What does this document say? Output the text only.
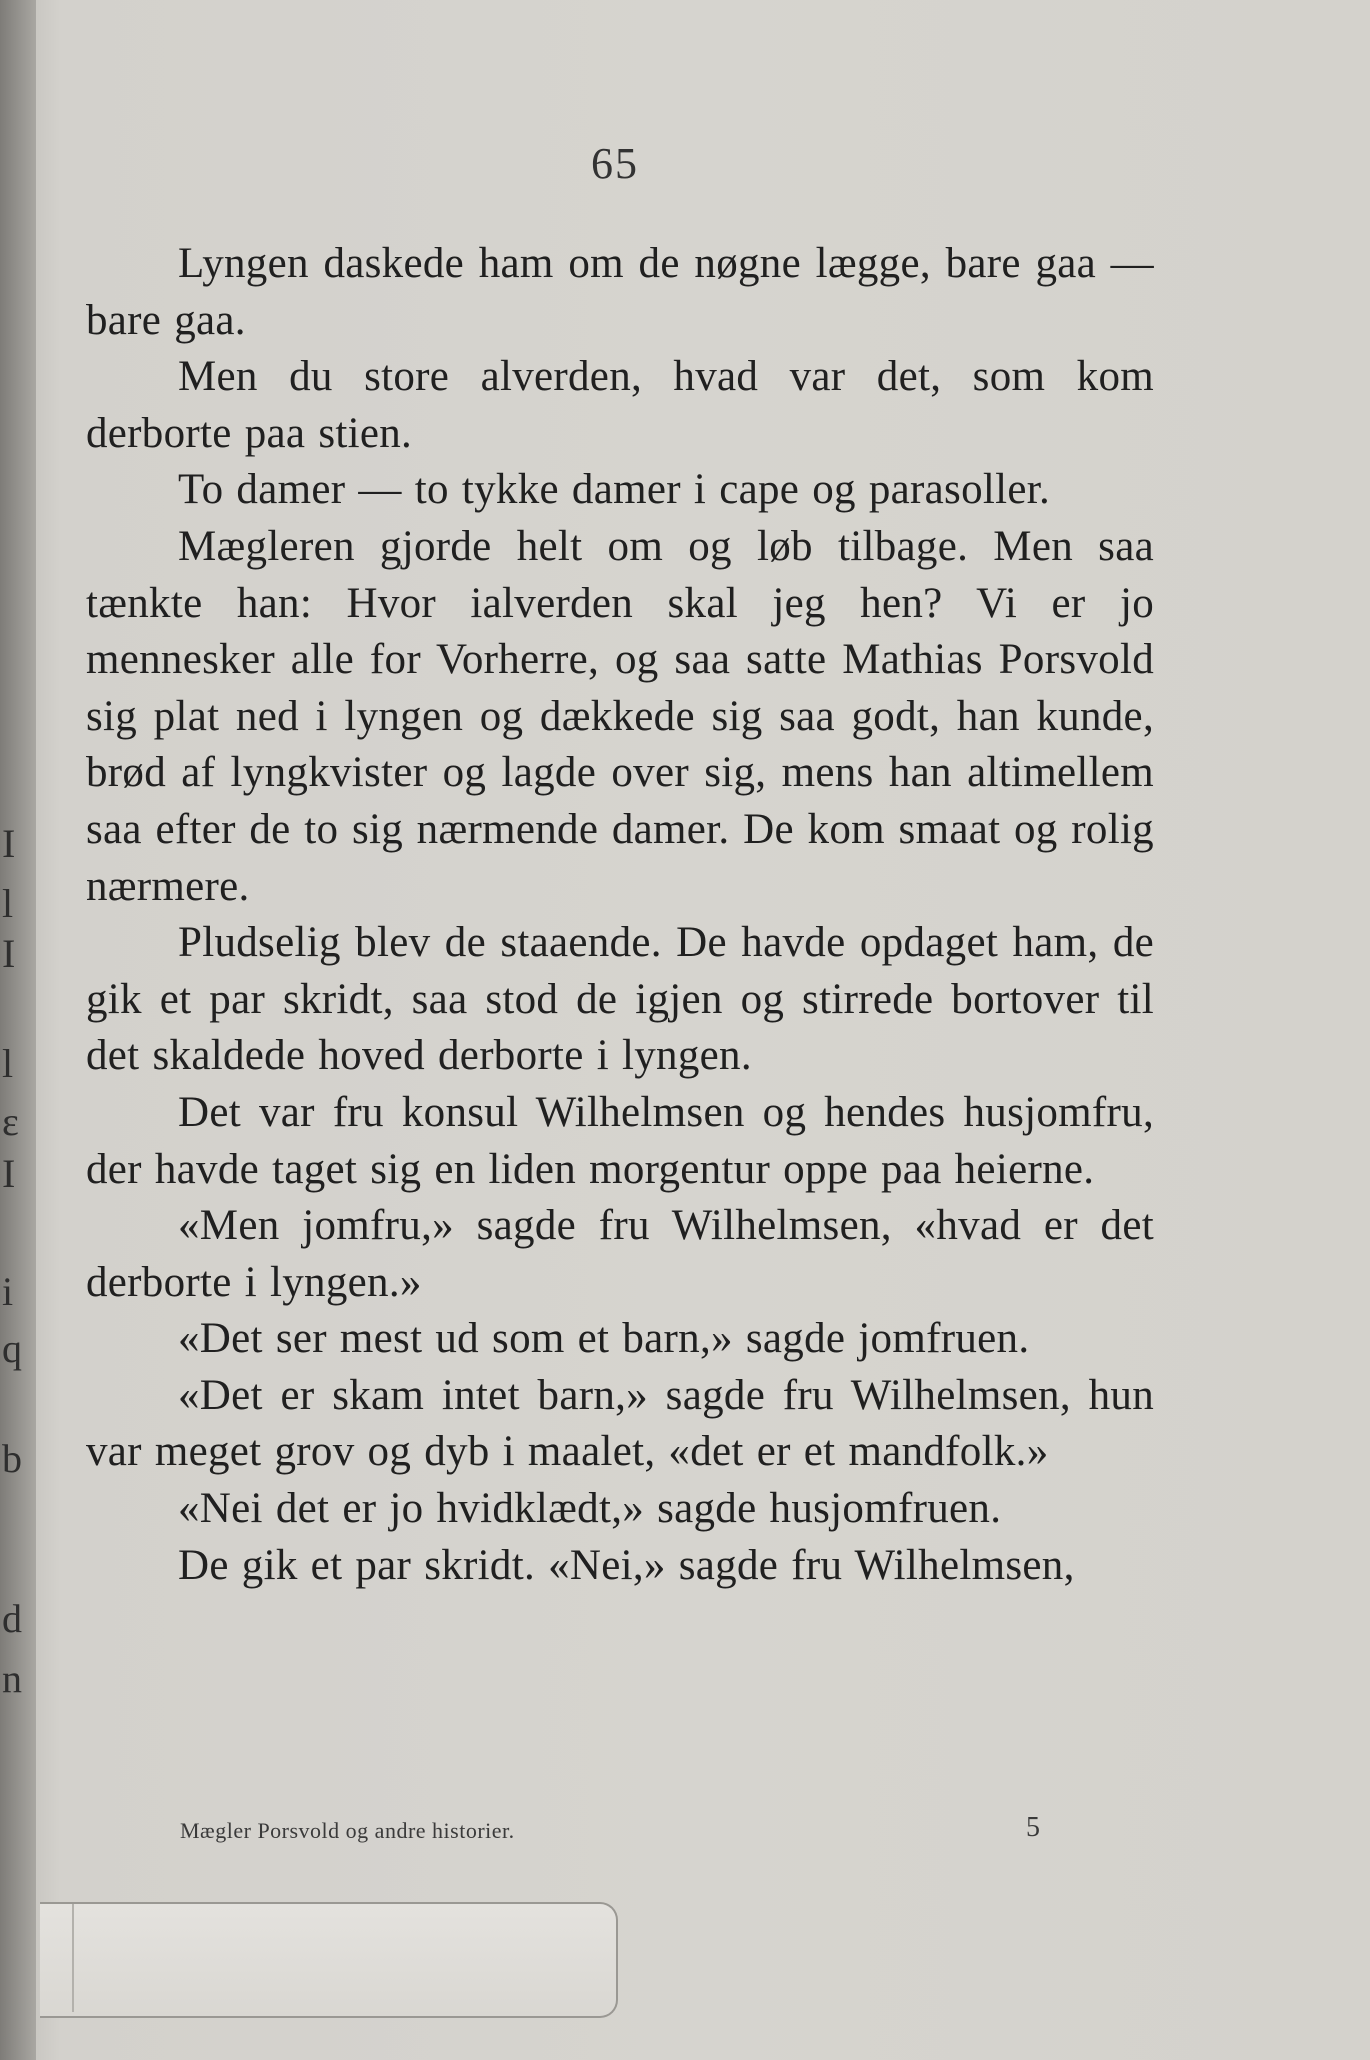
I
l
I
l
ε
I
i
q
b
d
n
65

Lyngen daskede ham om de nøgne lægge, bare gaa — bare gaa.

Men du store alverden, hvad var det, som kom derborte paa stien.

To damer — to tykke damer i cape og parasoller.

Mægleren gjorde helt om og løb tilbage. Men saa tænkte han: Hvor ialverden skal jeg hen? Vi er jo mennesker alle for Vorherre, og saa satte Mathias Porsvold sig plat ned i lyngen og dækkede sig saa godt, han kunde, brød af lyngkvister og lagde over sig, mens han altimellem saa efter de to sig nærmende damer. De kom smaat og rolig nærmere.

Pludselig blev de staaende. De havde opdaget ham, de gik et par skridt, saa stod de igjen og stirrede bortover til det skaldede hoved derborte i lyngen.

Det var fru konsul Wilhelmsen og hendes husjomfru, der havde taget sig en liden morgentur oppe paa heierne.

«Men jomfru,» sagde fru Wilhelmsen, «hvad er det derborte i lyngen.»

«Det ser mest ud som et barn,» sagde jomfruen.

«Det er skam intet barn,» sagde fru Wilhelmsen, hun var meget grov og dyb i maalet, «det er et mandfolk.»

«Nei det er jo hvidklædt,» sagde husjomfruen.

De gik et par skridt. «Nei,» sagde fru Wilhelmsen,

Mægler Porsvold og andre historier.	5
